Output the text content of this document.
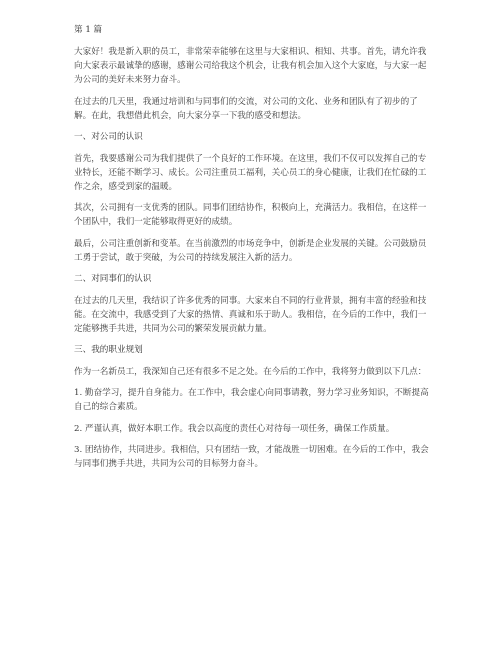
第 1 篇

大家好！我是新入职的员工，非常荣幸能够在这里与大家相识、相知、共事。首先，请允许我向大家表示最诚挚的感谢，感谢公司给我这个机会，让我有机会加入这个大家庭，与大家一起为公司的美好未来努力奋斗。

在过去的几天里，我通过培训和与同事们的交流，对公司的文化、业务和团队有了初步的了解。在此，我想借此机会，向大家分享一下我的感受和想法。

一、对公司的认识

首先，我要感谢公司为我们提供了一个良好的工作环境。在这里，我们不仅可以发挥自己的专业特长，还能不断学习、成长。公司注重员工福利，关心员工的身心健康，让我们在忙碌的工作之余，感受到家的温暖。

其次，公司拥有一支优秀的团队。同事们团结协作，积极向上，充满活力。我相信，在这样一个团队中，我们一定能够取得更好的成绩。

最后，公司注重创新和变革。在当前激烈的市场竞争中，创新是企业发展的关键。公司鼓励员工勇于尝试，敢于突破，为公司的持续发展注入新的活力。

二、对同事们的认识

在过去的几天里，我结识了许多优秀的同事。大家来自不同的行业背景，拥有丰富的经验和技能。在交流中，我感受到了大家的热情、真诚和乐于助人。我相信，在今后的工作中，我们一定能够携手共进，共同为公司的繁荣发展贡献力量。

三、我的职业规划

作为一名新员工，我深知自己还有很多不足之处。在今后的工作中，我将努力做到以下几点：

1. 勤奋学习，提升自身能力。在工作中，我会虚心向同事请教，努力学习业务知识，不断提高自己的综合素质。

2. 严谨认真，做好本职工作。我会以高度的责任心对待每一项任务，确保工作质量。

3. 团结协作，共同进步。我相信，只有团结一致，才能战胜一切困难。在今后的工作中，我会与同事们携手共进，共同为公司的目标努力奋斗。
